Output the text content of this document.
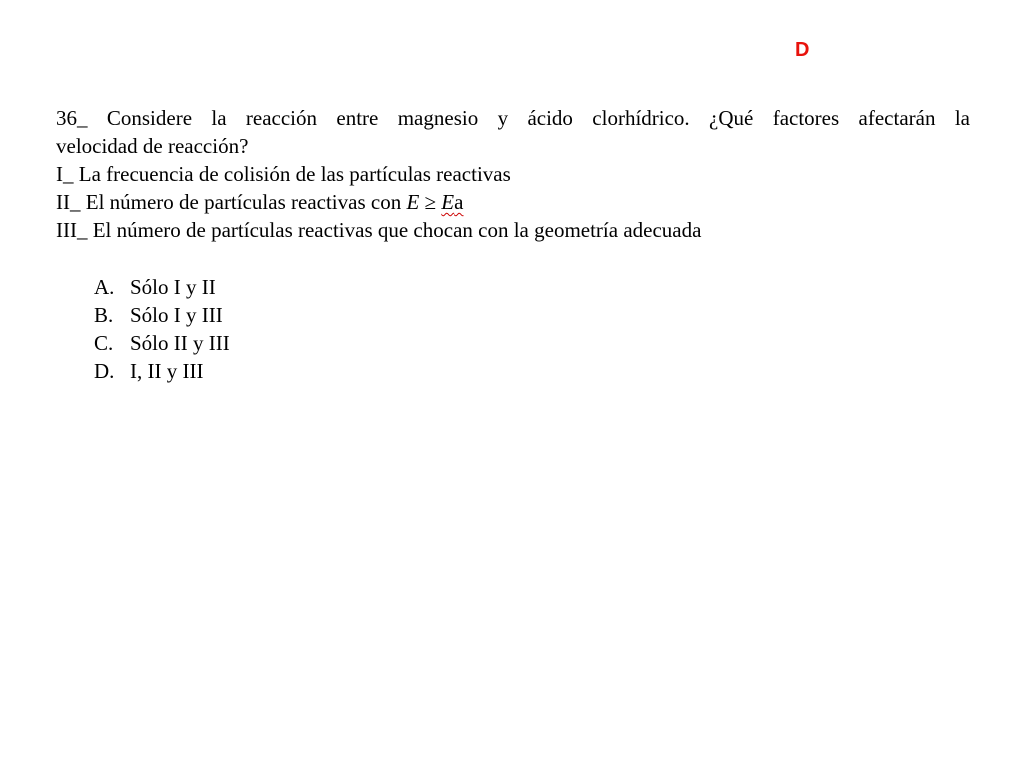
D
36_ Considere la reacción entre magnesio y ácido clorhídrico. ¿Qué factores afectarán la
velocidad de reacción?
I_ La frecuencia de colisión de las partículas reactivas
II_ El número de partículas reactivas con E ≥ Ea
III_ El número de partículas reactivas que chocan con la geometría adecuada
A. Sólo I y II
B. Sólo I y III
C. Sólo II y III
D. I, II y III
